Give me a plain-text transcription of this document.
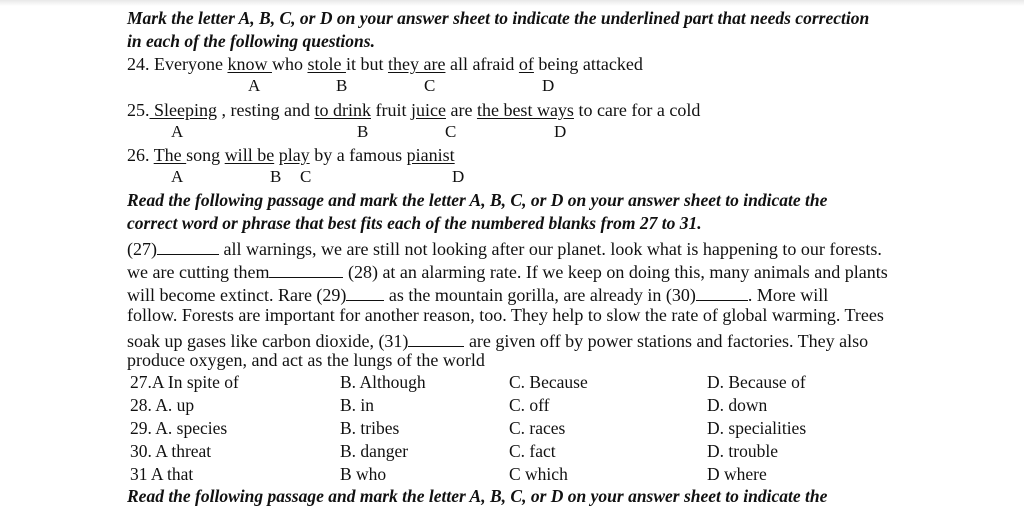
Mark the letter A, B, C, or D on your answer sheet to indicate the underlined part that needs correction
in each of the following questions.
24. Everyone know who stole it but they are all afraid of being attacked
A	B	C	D
25. Sleeping , resting and to drink fruit juice are the best ways to care for a cold
A	B	C	D
26. The song will be play by a famous pianist
A	B C	D
Read the following passage and mark the letter A, B, C, or D on your answer sheet to indicate the
correct word or phrase that best fits each of the numbered blanks from 27 to 31.
(27)	all warnings, we are still not looking after our planet. look what is happening to our forests.
we are cutting them	(28) at an alarming rate. If we keep on doing this, many animals and plants
will become extinct. Rare (29) as the mountain gorilla, are already in (30)	. More will
follow. Forests are important for another reason, too. They help to slow the rate of global warming. Trees
soak up gases like carbon dioxide, (31)	are given off by power stations and factories. They also
produce oxygen, and act as the lungs of the world
27.A In spite of	B. Although	C. Because	D. Because of
28. A. up	B. in	C. off	D. down
29. A. species	B. tribes	C. races	D. specialities
30. A threat	B. danger	C. fact	D. trouble
31 A that	B who	C which	D where
Read the following passage and mark the letter A, B, C, or D on your answer sheet to indicate the
